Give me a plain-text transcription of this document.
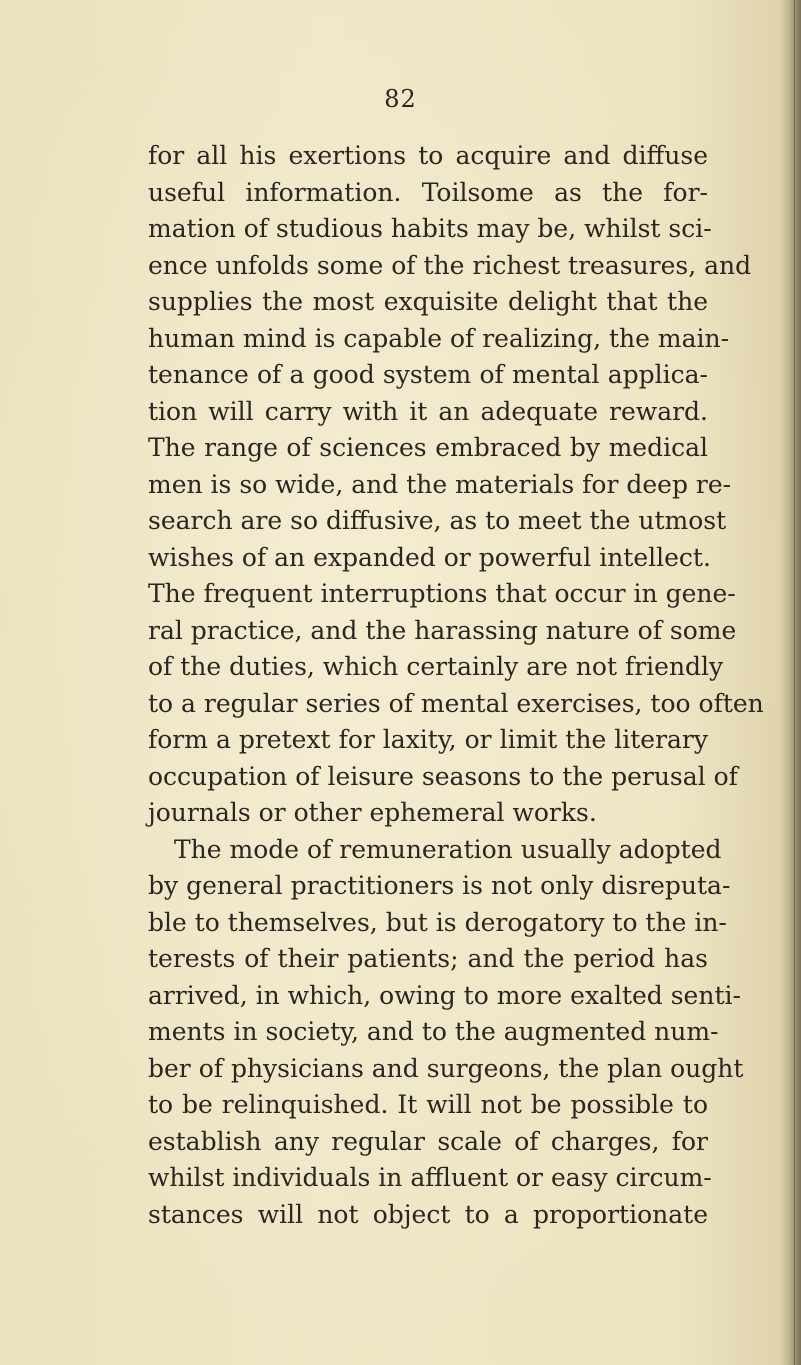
82
for all his exertions to acquire and diffuse
useful information. Toilsome as the for-
mation of studious habits may be, whilst sci-
ence unfolds some of the richest treasures, and
supplies the most exquisite delight that the
human mind is capable of realizing, the main-
tenance of a good system of mental applica-
tion will carry with it an adequate reward.
The range of sciences embraced by medical
men is so wide, and the materials for deep re-
search are so diffusive, as to meet the utmost
wishes of an expanded or powerful intellect.
The frequent interruptions that occur in gene-
ral practice, and the harassing nature of some
of the duties, which certainly are not friendly
to a regular series of mental exercises, too often
form a pretext for laxity, or limit the literary
occupation of leisure seasons to the perusal of
journals or other ephemeral works.
The mode of remuneration usually adopted
by general practitioners is not only disreputa-
ble to themselves, but is derogatory to the in-
terests of their patients; and the period has
arrived, in which, owing to more exalted senti-
ments in society, and to the augmented num-
ber of physicians and surgeons, the plan ought
to be relinquished. It will not be possible to
establish any regular scale of charges, for
whilst individuals in affluent or easy circum-
stances will not object to a proportionate
